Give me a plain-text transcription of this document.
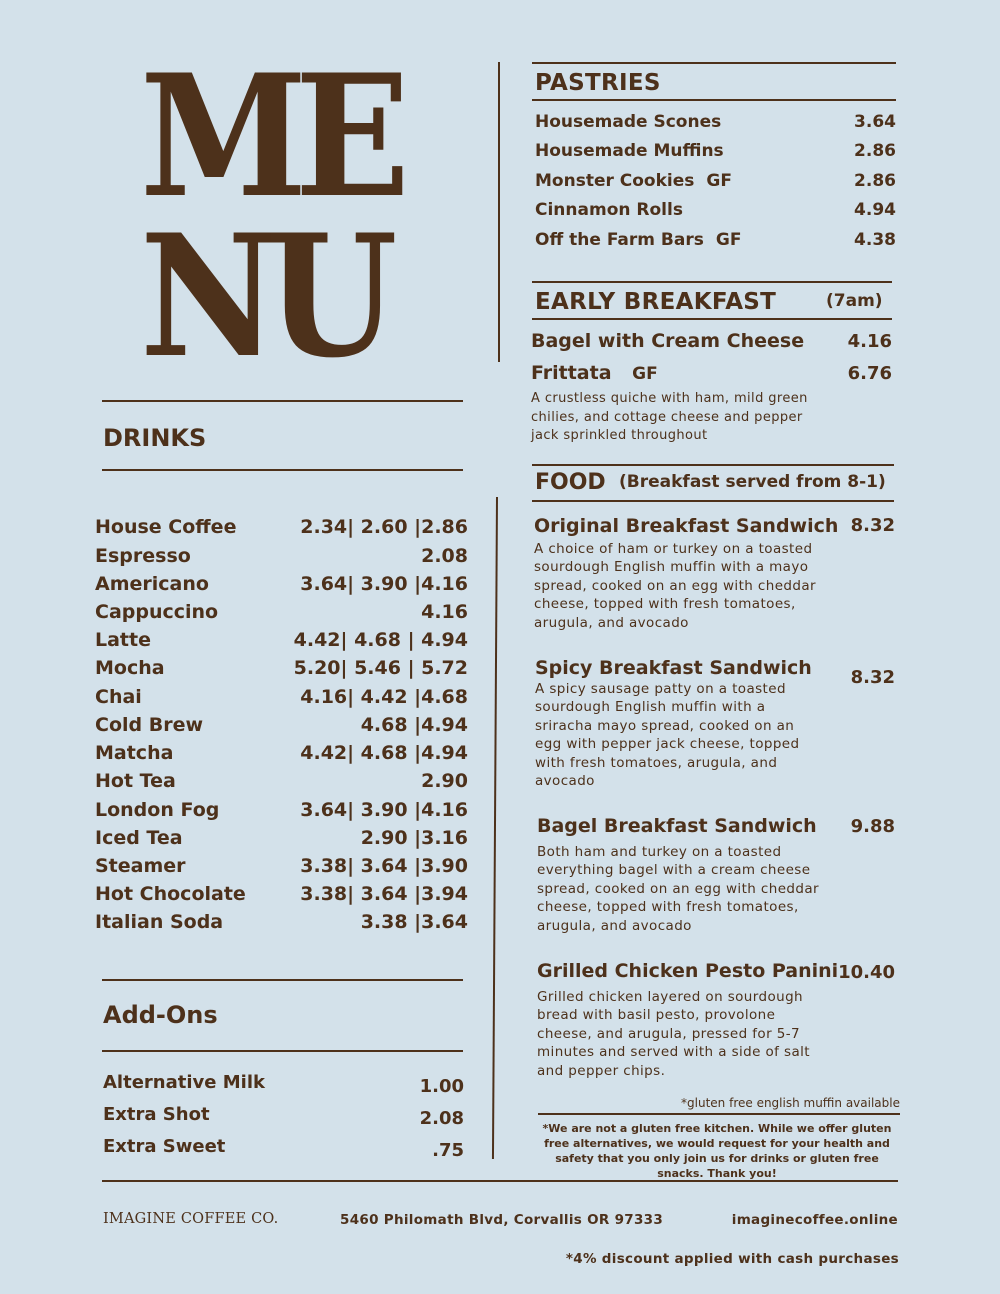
ME
NU
DRINKS
House Coffee	2.34| 2.60 |2.86
Espresso	2.08
Americano	3.64| 3.90 |4.16
Cappuccino	4.16
Latte	4.42| 4.68 | 4.94
Mocha	5.20| 5.46 | 5.72
Chai	4.16| 4.42 |4.68
Cold Brew	4.68 |4.94
Matcha	4.42| 4.68 |4.94
Hot Tea	2.90
London Fog	3.64| 3.90 |4.16
Iced Tea	2.90 |3.16
Steamer	3.38| 3.64 |3.90
Hot Chocolate	3.38| 3.64 |3.94
Italian Soda	3.38 |3.64
Add-Ons
Alternative Milk	1.00
Extra Shot	2.08
Extra Sweet	.75
PASTRIES
Housemade Scones	3.64
Housemade Muffins	2.86
Monster Cookies GF	2.86
Cinnamon Rolls	4.94
Off the Farm Bars GF	4.38
EARLY BREAKFAST	(7am)
Bagel with Cream Cheese 4.16
Frittata GF	6.76
A crustless quiche with ham, mild green chilies, and cottage cheese and pepper jack sprinkled throughout
FOOD (Breakfast served from 8-1)
Original Breakfast Sandwich 8.32
A choice of ham or turkey on a toasted sourdough English muffin with a mayo spread, cooked on an egg with cheddar cheese, topped with fresh tomatoes, arugula, and avocado
Spicy Breakfast Sandwich 8.32
A spicy sausage patty on a toasted sourdough English muffin with a sriracha mayo spread, cooked on an egg with pepper jack cheese, topped with fresh tomatoes, arugula, and avocado
Bagel Breakfast Sandwich 9.88
Both ham and turkey on a toasted everything bagel with a cream cheese spread, cooked on an egg with cheddar cheese, topped with fresh tomatoes, arugula, and avocado
Grilled Chicken Pesto Panini 10.40
Grilled chicken layered on sourdough bread with basil pesto, provolone cheese, and arugula, pressed for 5-7 minutes and served with a side of salt and pepper chips.
*gluten free english muffin available
*We are not a gluten free kitchen. While we offer gluten free alternatives, we would request for your health and safety that you only join us for drinks or gluten free snacks. Thank you!
IMAGINE COFFEE CO.	5460 Philomath Blvd, Corvallis OR 97333	imaginecoffee.online
*4% discount applied with cash purchases
